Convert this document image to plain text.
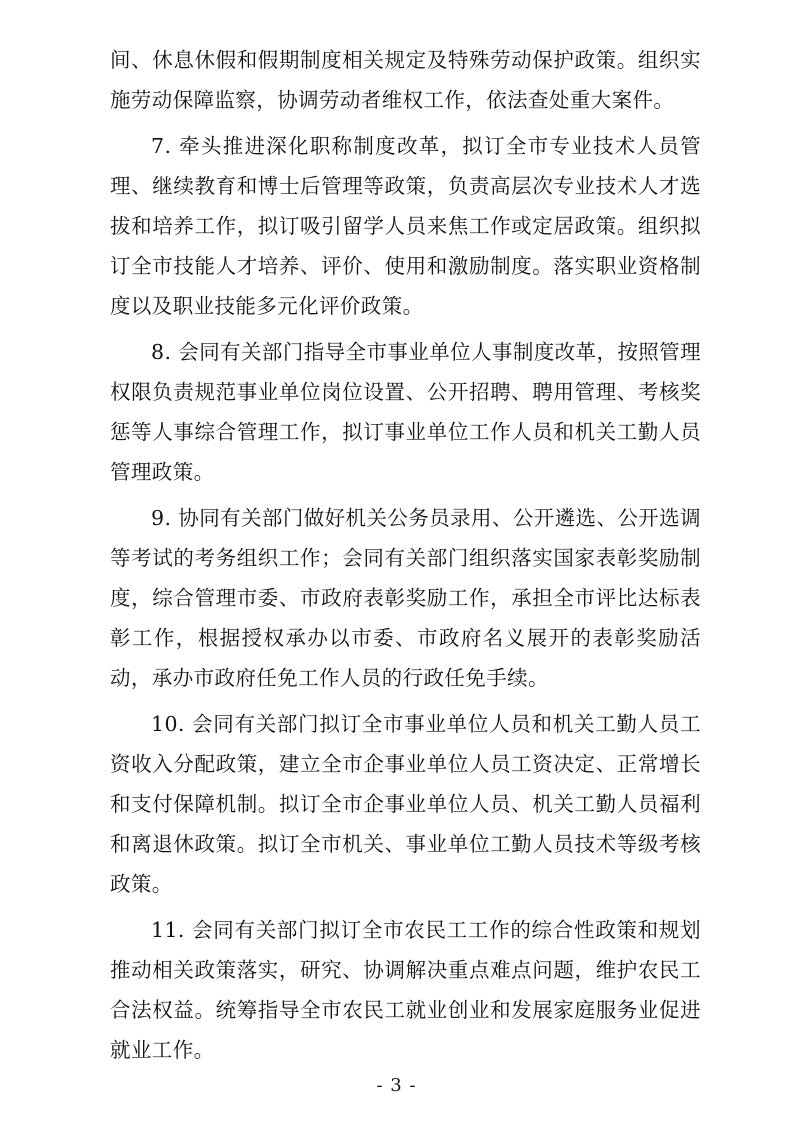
间、休息休假和假期制度相关规定及特殊劳动保护政策。组织实施劳动保障监察，协调劳动者维权工作，依法查处重大案件。

7. 牵头推进深化职称制度改革，拟订全市专业技术人员管理、继续教育和博士后管理等政策，负责高层次专业技术人才选拔和培养工作，拟订吸引留学人员来焦工作或定居政策。组织拟订全市技能人才培养、评价、使用和激励制度。落实职业资格制度以及职业技能多元化评价政策。

8. 会同有关部门指导全市事业单位人事制度改革，按照管理权限负责规范事业单位岗位设置、公开招聘、聘用管理、考核奖惩等人事综合管理工作，拟订事业单位工作人员和机关工勤人员管理政策。

9. 协同有关部门做好机关公务员录用、公开遴选、公开选调等考试的考务组织工作；会同有关部门组织落实国家表彰奖励制度，综合管理市委、市政府表彰奖励工作，承担全市评比达标表彰工作，根据授权承办以市委、市政府名义展开的表彰奖励活动，承办市政府任免工作人员的行政任免手续。

10. 会同有关部门拟订全市事业单位人员和机关工勤人员工资收入分配政策，建立全市企事业单位人员工资决定、正常增长和支付保障机制。拟订全市企事业单位人员、机关工勤人员福利和离退休政策。拟订全市机关、事业单位工勤人员技术等级考核政策。

11. 会同有关部门拟订全市农民工工作的综合性政策和规划推动相关政策落实，研究、协调解决重点难点问题，维护农民工合法权益。统筹指导全市农民工就业创业和发展家庭服务业促进就业工作。

- 3 -
